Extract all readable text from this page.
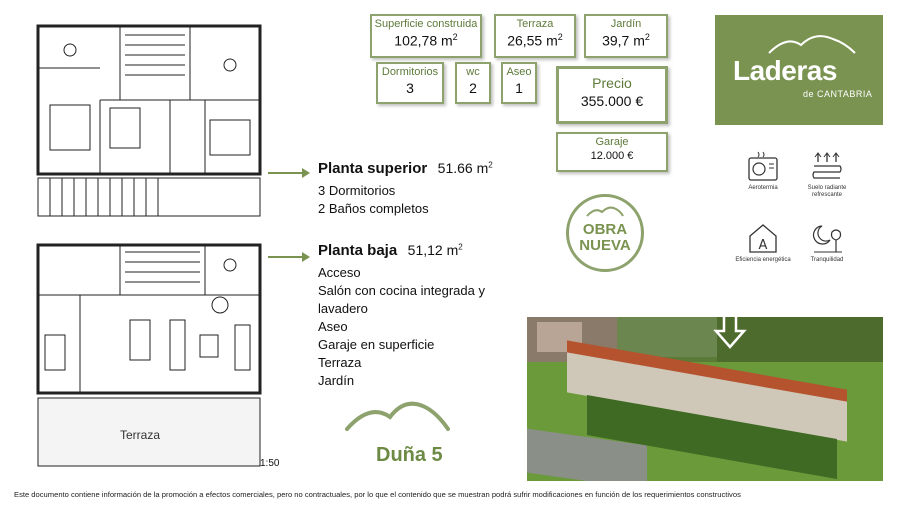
Terraza
1:50
Planta superior 51.66 $m^2$
3 Dormitorios
2 Baños completos
Planta baja 51,12 $m^2$
Acceso
Salón con cocina integrada y
lavadero
Aseo
Garaje en superficie
Terraza
Jardín
Duña 5
Superficie construida
102,78 $m^2$
Terraza
26,55 $m^2$
Jardín
39,7 $m^2$
Dormitorios
3
wc
2
Aseo
1	Precio
355.000 €
Garaje
12.000 €
Laderas
de CANTABRIA
Aerotermia	Suelo radiante refrescante
A
Eficiencia energética	Tranquilidad
OBRA
NUEVA
Este documento contiene información de la promoción a efectos comerciales, pero no contractuales, por lo que el contenido que se muestran podrá sufrir modificaciones en función de los requerimientos constructivos
